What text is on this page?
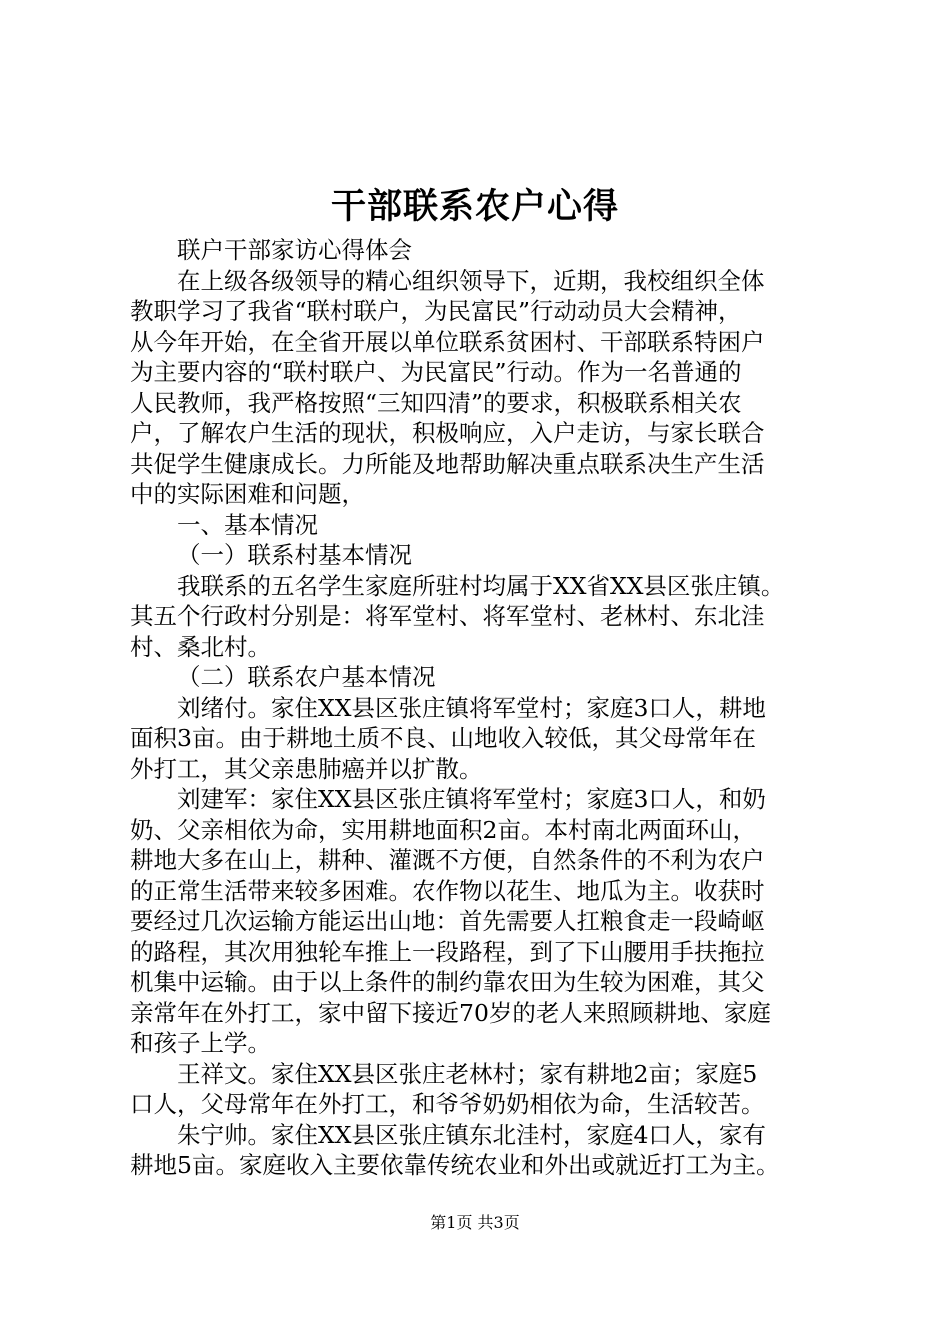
干部联系农户心得
联户干部家访心得体会
在上级各级领导的精心组织领导下，近期，我校组织全体
教职学习了我省“联村联户，为民富民”行动动员大会精神，
从今年开始，在全省开展以单位联系贫困村、干部联系特困户
为主要内容的“联村联户、为民富民”行动。作为一名普通的
人民教师，我严格按照“三知四清”的要求，积极联系相关农
户，了解农户生活的现状，积极响应，入户走访，与家长联合
共促学生健康成长。力所能及地帮助解决重点联系决生产生活
中的实际困难和问题，
一、基本情况
（一）联系村基本情况
我联系的五名学生家庭所驻村均属于XX省XX县区张庄镇。
其五个行政村分别是：将军堂村、将军堂村、老林村、东北洼
村、桑北村。
（二）联系农户基本情况
刘绪付。家住XX县区张庄镇将军堂村；家庭3口人，耕地
面积3亩。由于耕地土质不良、山地收入较低，其父母常年在
外打工，其父亲患肺癌并以扩散。
刘建军：家住XX县区张庄镇将军堂村；家庭3口人，和奶
奶、父亲相依为命，实用耕地面积2亩。本村南北两面环山，
耕地大多在山上，耕种、灌溉不方便，自然条件的不利为农户
的正常生活带来较多困难。农作物以花生、地瓜为主。收获时
要经过几次运输方能运出山地：首先需要人扛粮食走一段崎岖
的路程，其次用独轮车推上一段路程，到了下山腰用手扶拖拉
机集中运输。由于以上条件的制约靠农田为生较为困难，其父
亲常年在外打工，家中留下接近70岁的老人来照顾耕地、家庭
和孩子上学。
王祥文。家住XX县区张庄老林村；家有耕地2亩；家庭5
口人，父母常年在外打工，和爷爷奶奶相依为命，生活较苦。
朱宁帅。家住XX县区张庄镇东北洼村，家庭4口人，家有
耕地5亩。家庭收入主要依靠传统农业和外出或就近打工为主。
第1页 共3页
